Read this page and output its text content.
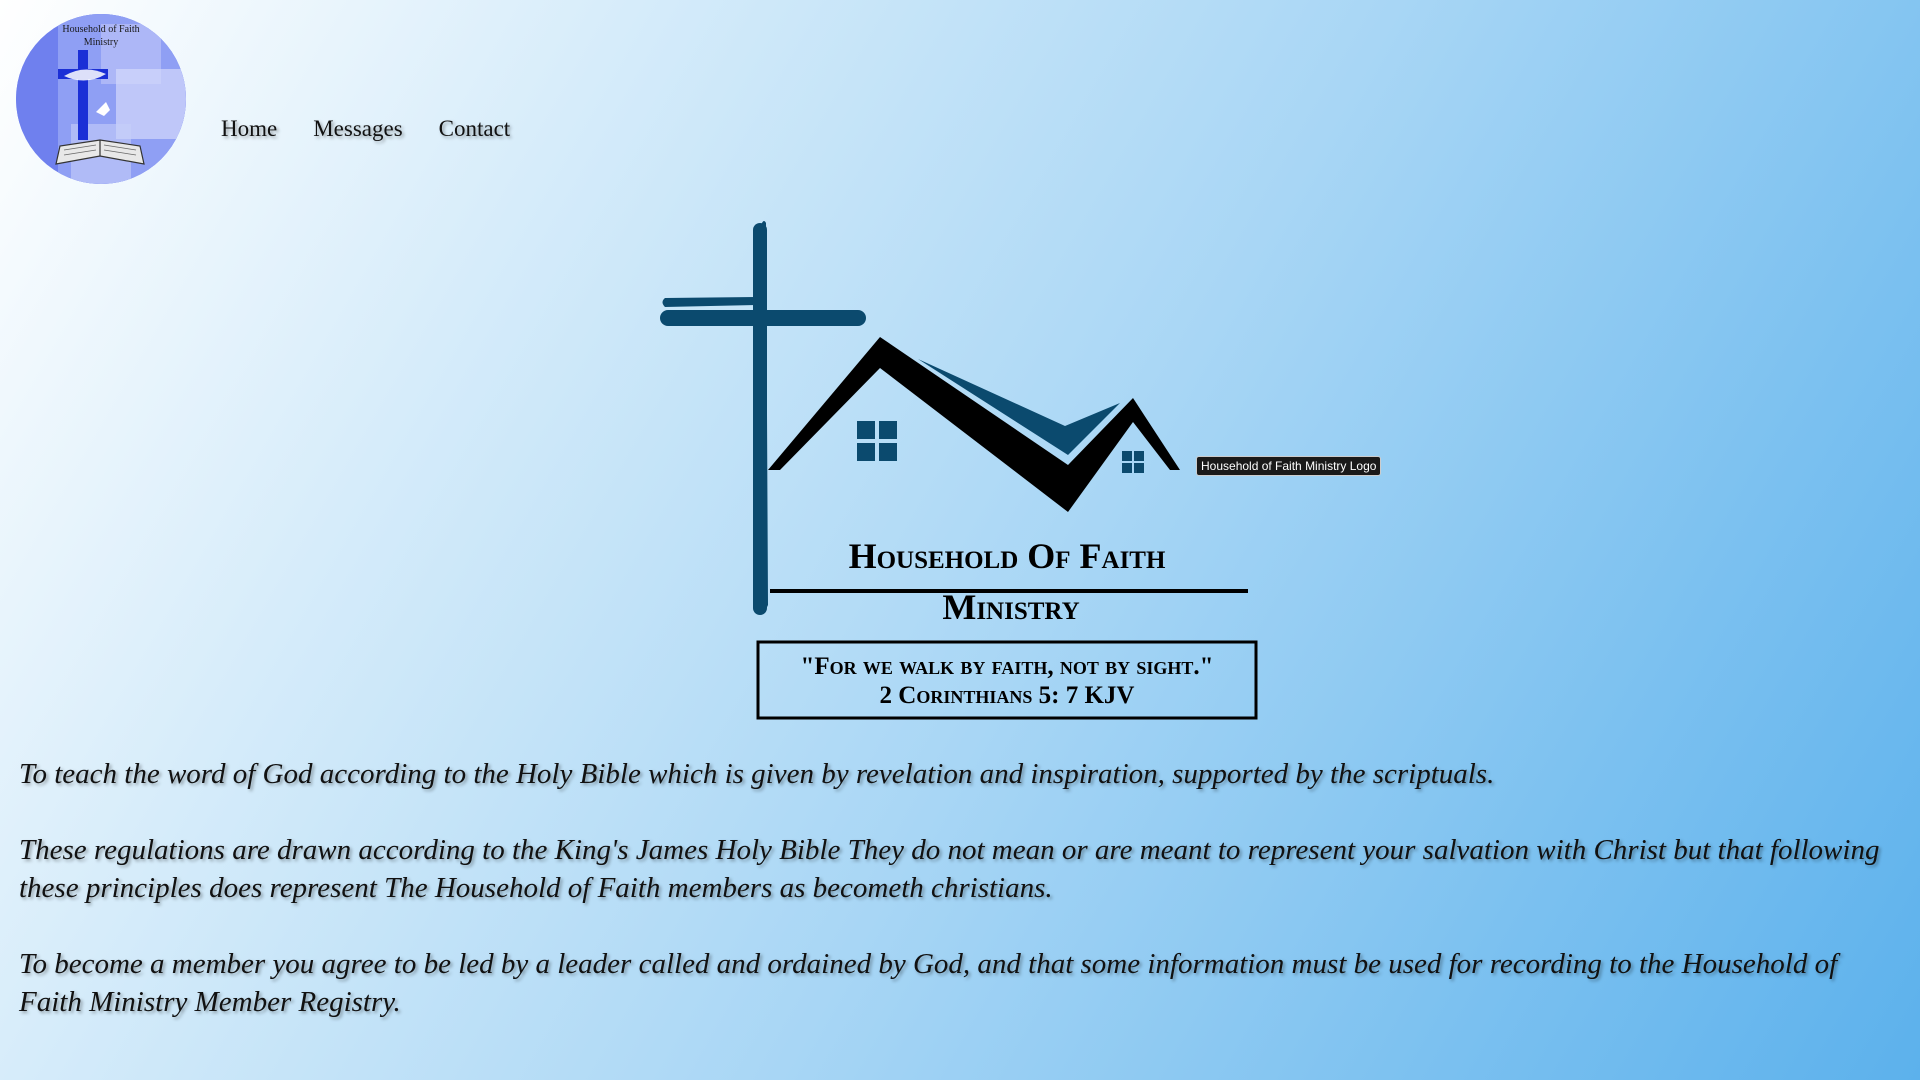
Household of Faith
Ministry
Home Messages Contact
Household Of Faith
Ministry
"For we walk by faith, not by sight."
2 Corinthians 5: 7 KJV
Household of Faith Ministry Logo

To teach the word of God according to the Holy Bible which is given by revelation and inspiration, supported by the scriptuals.

These regulations are drawn according to the King's James Holy Bible They do not mean or are meant to represent your salvation with Christ but that following these principles does represent The Household of Faith members as becometh christians.

To become a member you agree to be led by a leader called and ordained by God, and that some information must be used for recording to the Household of Faith Ministry Member Registry.
